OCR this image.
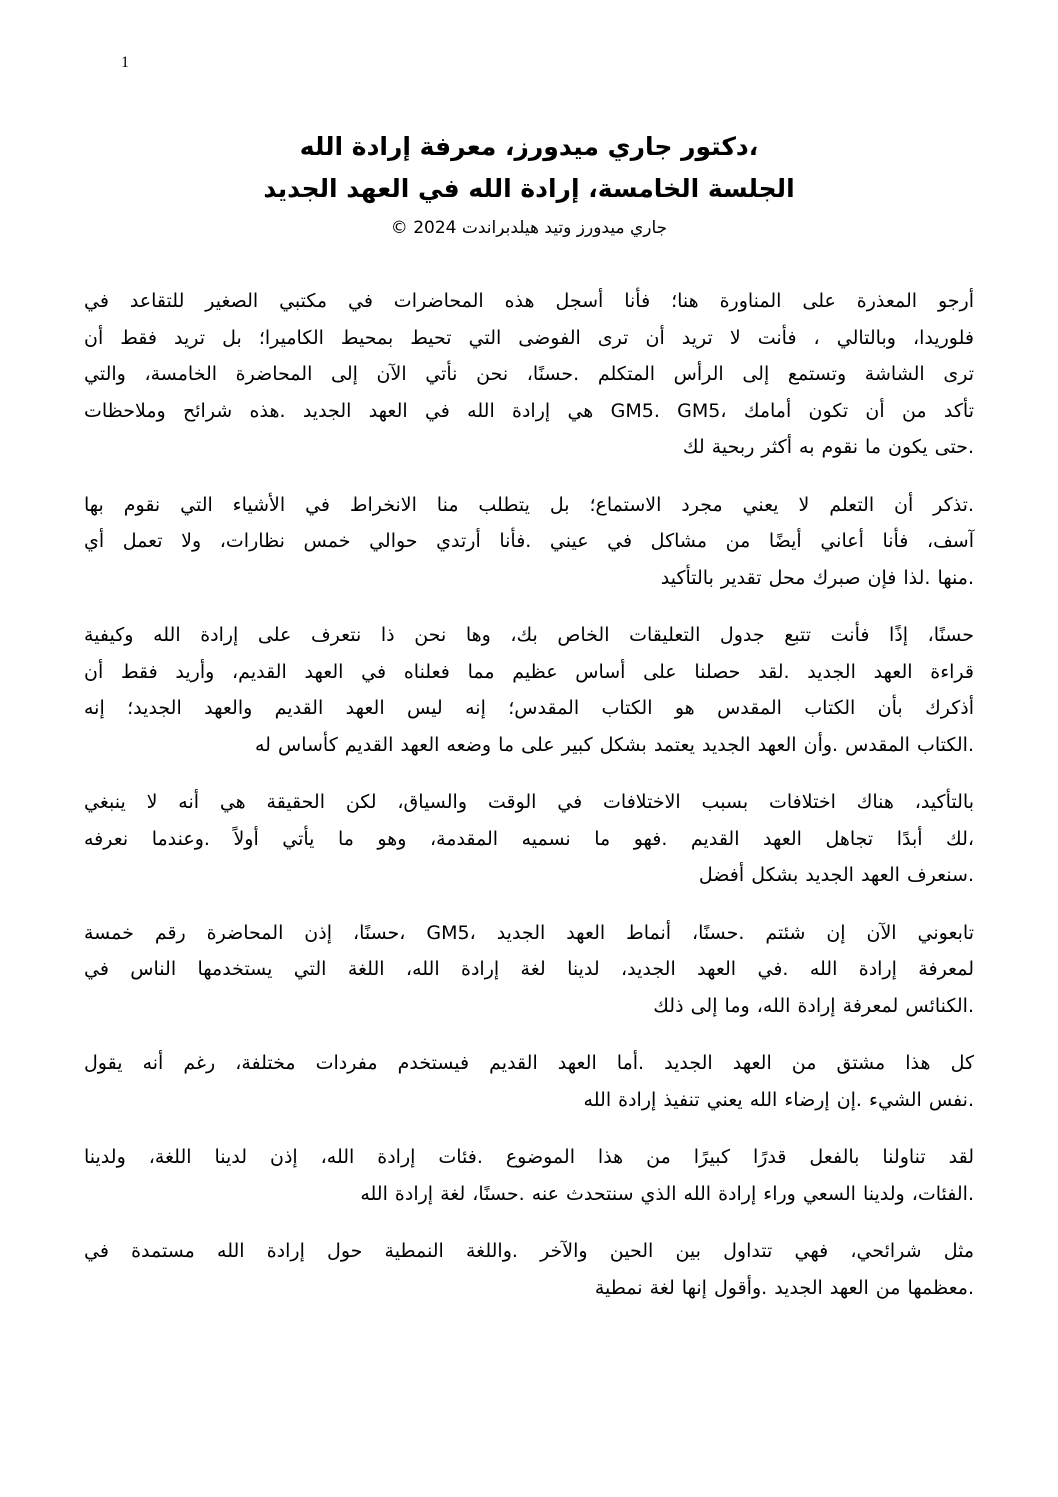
1
،دكتور جاري ميدورز، معرفة إرادة الله
الجلسة الخامسة، إرادة الله في العهد الجديد
جاري ميدورز وتيد هيلدبراندت 2024 ©
أرجو المعذرة على المناورة هنا؛ فأنا أسجل هذه المحاضرات في مكتبي الصغير للتقاعد في
فلوريدا، وبالتالي ، فأنت لا تريد أن ترى الفوضى التي تحيط بمحيط الكاميرا؛ بل تريد فقط أن
ترى الشاشة وتستمع إلى الرأس المتكلم .حسنًا، نحن نأتي الآن إلى المحاضرة الخامسة، والتي
تأكد من أن تكون أمامك ،GM5. GM5 هي إرادة الله في العهد الجديد .هذه شرائح وملاحظات
.حتى يكون ما نقوم به أكثر ربحية لك
.تذكر أن التعلم لا يعني مجرد الاستماع؛ بل يتطلب منا الانخراط في الأشياء التي نقوم بها
آسف، فأنا أعاني أيضًا من مشاكل في عيني .فأنا أرتدي حوالي خمس نظارات، ولا تعمل أي
.منها .لذا فإن صبرك محل تقدير بالتأكيد
حسنًا، إذًا فأنت تتبع جدول التعليقات الخاص بك، وها نحن ذا نتعرف على إرادة الله وكيفية
قراءة العهد الجديد .لقد حصلنا على أساس عظيم مما فعلناه في العهد القديم، وأريد فقط أن
أذكرك بأن الكتاب المقدس هو الكتاب المقدس؛ إنه ليس العهد القديم والعهد الجديد؛ إنه
.الكتاب المقدس .وأن العهد الجديد يعتمد بشكل كبير على ما وضعه العهد القديم كأساس له
بالتأكيد، هناك اختلافات بسبب الاختلافات في الوقت والسياق، لكن الحقيقة هي أنه لا ينبغي
،لك أبدًا تجاهل العهد القديم .فهو ما نسميه المقدمة، وهو ما يأتي أولاً .وعندما نعرفه
.سنعرف العهد الجديد بشكل أفضل
تابعوني الآن إن شئتم .حسنًا، أنماط العهد الجديد ،GM5 ،حسنًا، إذن المحاضرة رقم خمسة
لمعرفة إرادة الله .في العهد الجديد، لدينا لغة إرادة الله، اللغة التي يستخدمها الناس في
.الكنائس لمعرفة إرادة الله، وما إلى ذلك
كل هذا مشتق من العهد الجديد .أما العهد القديم فيستخدم مفردات مختلفة، رغم أنه يقول
.نفس الشيء .إن إرضاء الله يعني تنفيذ إرادة الله
لقد تناولنا بالفعل قدرًا كبيرًا من هذا الموضوع .فئات إرادة الله، إذن لدينا اللغة، ولدينا
.الفئات، ولدينا السعي وراء إرادة الله الذي سنتحدث عنه .حسنًا، لغة إرادة الله
مثل شرائحي، فهي تتداول بين الحين والآخر .واللغة النمطية حول إرادة الله مستمدة في
.معظمها من العهد الجديد .وأقول إنها لغة نمطية
